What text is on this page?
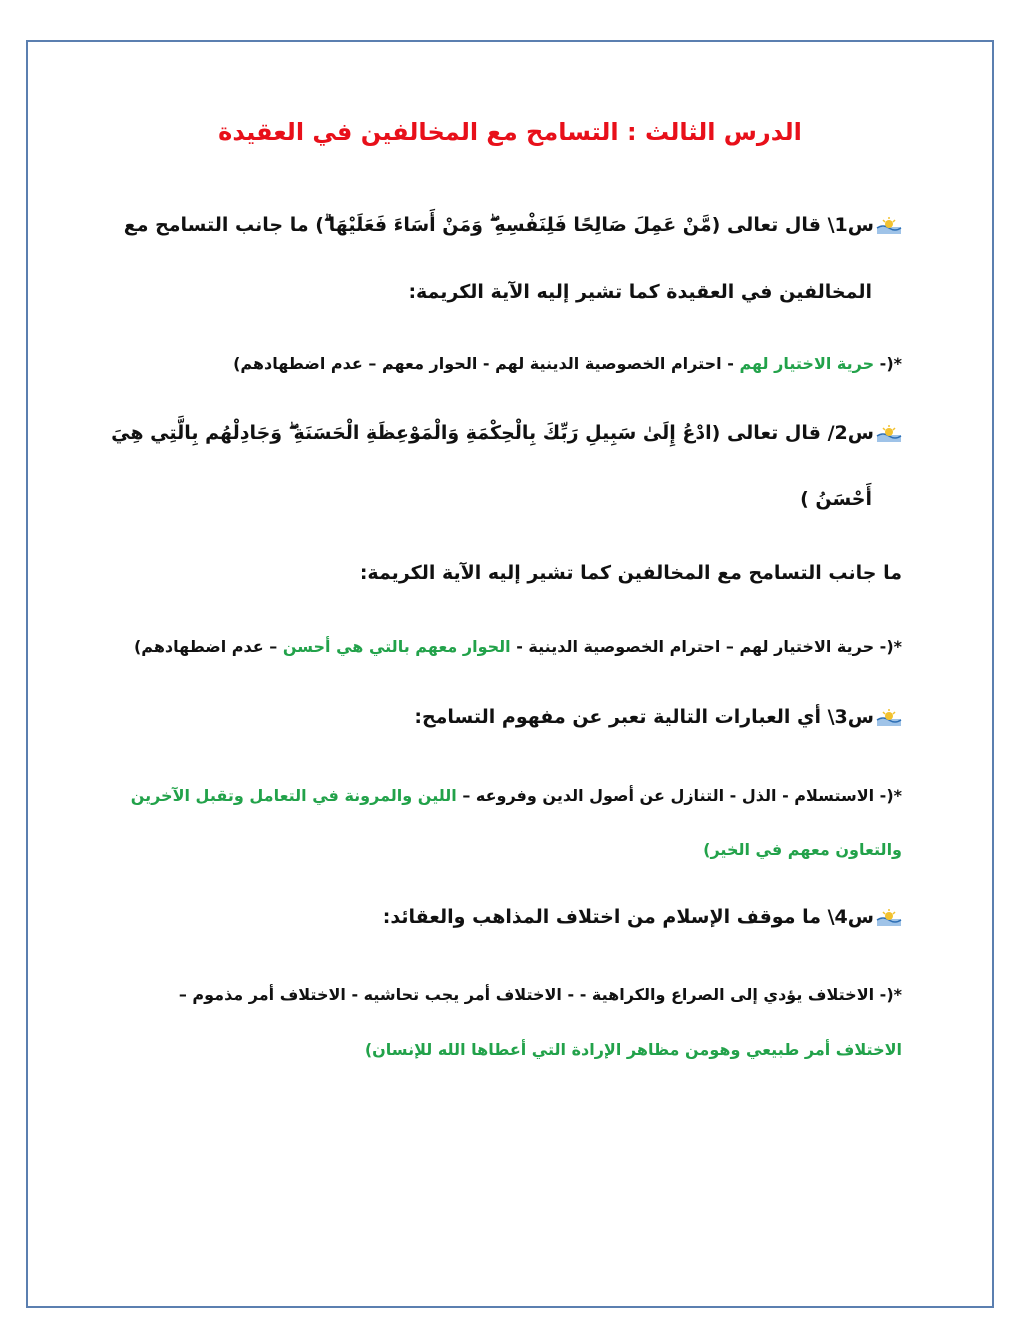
الدرس الثالث : التسامح مع المخالفين في العقيدة
س1\ قال تعالى (مَّنْ عَمِلَ صَالِحًا فَلِنَفْسِهِ ۖ وَمَنْ أَسَاءَ فَعَلَيْهَا ۗ) ما جانب التسامح مع
المخالفين في العقيدة كما تشير إليه الآية الكريمة:
*(- حرية الاختيار لهم - احترام الخصوصية الدينية لهم - الحوار معهم – عدم اضطهادهم)
س2/ قال تعالى (ادْعُ إِلَىٰ سَبِيلِ رَبِّكَ بِالْحِكْمَةِ وَالْمَوْعِظَةِ الْحَسَنَةِ ۖ وَجَادِلْهُم بِالَّتِي هِيَ
أَحْسَنُ )
ما جانب التسامح مع المخالفين كما تشير إليه الآية الكريمة:
*(- حرية الاختيار لهم – احترام الخصوصية الدينية - الحوار معهم بالتي هي أحسن – عدم اضطهادهم)
س3\ أي العبارات التالية تعبر عن مفهوم التسامح:
*(- الاستسلام - الذل - التنازل عن أصول الدين وفروعه – اللين والمرونة في التعامل وتقبل الآخرين
والتعاون معهم في الخير)
س4\ ما موقف الإسلام من اختلاف المذاهب والعقائد:
*(- الاختلاف يؤدي إلى الصراع والكراهية - - الاختلاف أمر يجب تحاشيه - الاختلاف أمر مذموم –
الاختلاف أمر طبيعي وهومن مظاهر الإرادة التي أعطاها الله للإنسان)
